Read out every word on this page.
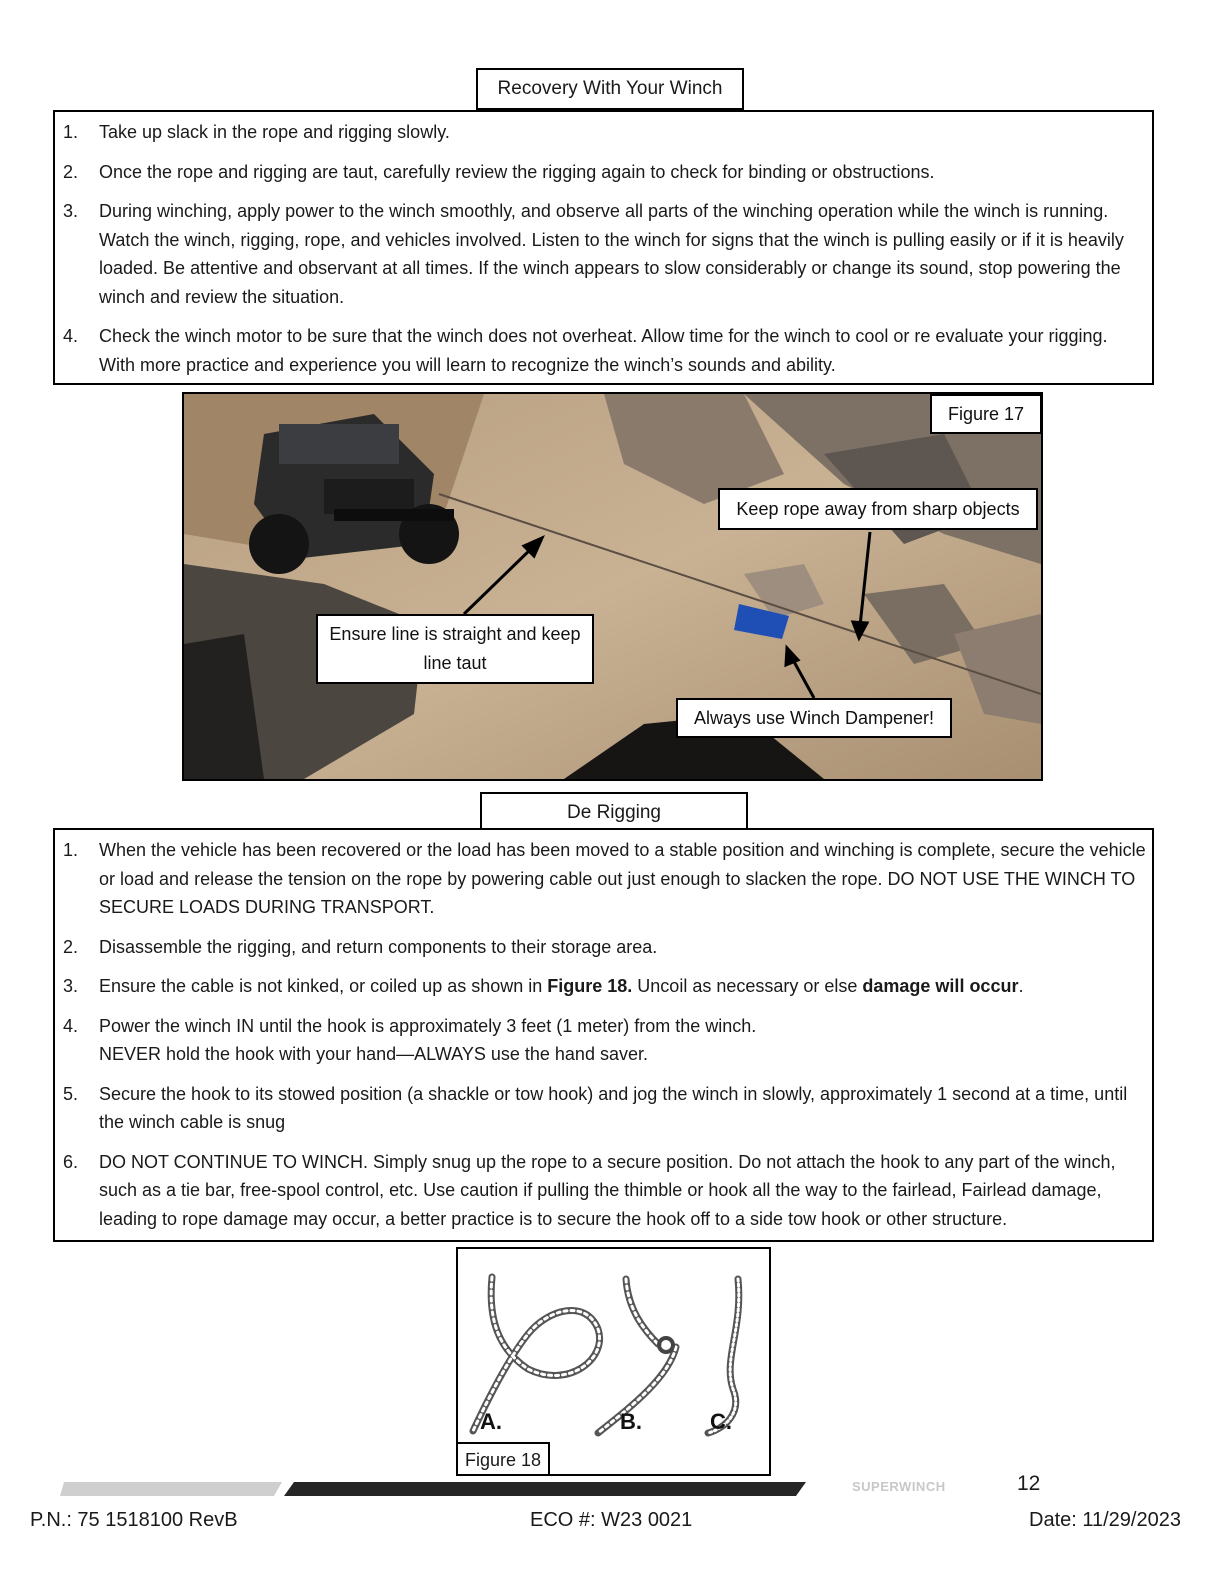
Recovery With Your Winch
1. Take up slack in the rope and rigging slowly.
2. Once the rope and rigging are taut, carefully review the rigging again to check for binding or obstructions.
3. During winching, apply power to the winch smoothly, and observe all parts of the winching operation while the winch is running. Watch the winch, rigging, rope, and vehicles involved. Listen to the winch for signs that the winch is pulling easily or if it is heavily loaded. Be attentive and observant at all times. If the winch appears to slow considerably or change its sound, stop powering the winch and review the situation.
4. Check the winch motor to be sure that the winch does not overheat. Allow time for the winch to cool or re evaluate your rigging. With more practice and experience you will learn to recognize the winch’s sounds and ability.
Figure 17
Keep rope away from sharp objects
Ensure line is straight and keep line taut
Always use Winch Dampener!
De Rigging
1. When the vehicle has been recovered or the load has been moved to a stable position and winching is complete, secure the vehicle or load and release the tension on the rope by powering cable out just enough to slacken the rope. DO NOT USE THE WINCH TO SECURE LOADS DURING TRANSPORT.
2. Disassemble the rigging, and return components to their storage area.
3. Ensure the cable is not kinked, or coiled up as shown in Figure 18. Uncoil as necessary or else damage will occur.
4. Power the winch IN until the hook is approximately 3 feet (1 meter) from the winch.
NEVER hold the hook with your hand—ALWAYS use the hand saver.
5. Secure the hook to its stowed position (a shackle or tow hook) and jog the winch in slowly, approximately 1 second at a time, until the winch cable is snug
6. DO NOT CONTINUE TO WINCH. Simply snug up the rope to a secure position. Do not attach the hook to any part of the winch, such as a tie bar, free-spool control, etc. Use caution if pulling the thimble or hook all the way to the fairlead, Fairlead damage, leading to rope damage may occur, a better practice is to secure the hook off to a side tow hook or other structure.
A.	B.	C.
Figure 18
SUPERWINCH	12
P.N.: 75 1518100 RevB	ECO #: W23 0021	Date: 11/29/2023
